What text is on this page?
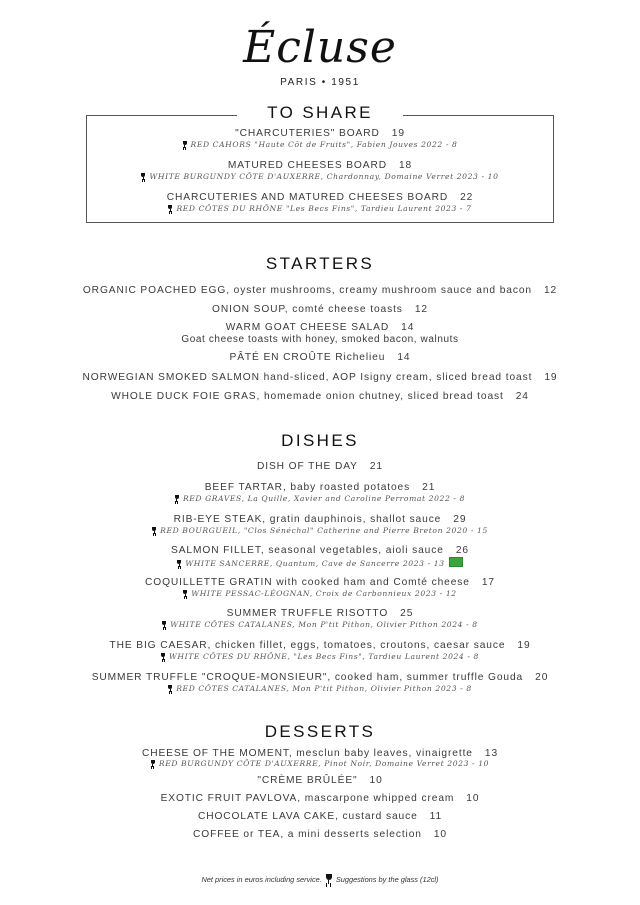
Écluse
PARIS • 1951
TO SHARE
"CHARCUTERIES" BOARD 19
RED CAHORS "Haute Côt de Fruits", Fabien Jouves 2022 - 8
MATURED CHEESES BOARD 18
WHITE BURGUNDY CÔTE D'AUXERRE, Chardonnay, Domaine Verret 2023 - 10
CHARCUTERIES AND MATURED CHEESES BOARD 22
RED CÔTES DU RHÔNE "Les Becs Fins", Tardieu Laurent 2023 - 7
STARTERS
ORGANIC POACHED EGG, oyster mushrooms, creamy mushroom sauce and bacon 12
ONION SOUP, comté cheese toasts 12
WARM GOAT CHEESE SALAD 14
Goat cheese toasts with honey, smoked bacon, walnuts
PÂTÉ EN CROÛTE Richelieu 14
NORWEGIAN SMOKED SALMON hand-sliced, AOP Isigny cream, sliced bread toast 19
WHOLE DUCK FOIE GRAS, homemade onion chutney, sliced bread toast 24
DISHES
DISH OF THE DAY 21
BEEF TARTAR, baby roasted potatoes 21
RED GRAVES, La Quille, Xavier and Caroline Perromat 2022 - 8
RIB-EYE STEAK, gratin dauphinois, shallot sauce 29
RED BOURGUEIL, "Clos Sénéchal" Catherine and Pierre Breton 2020 - 15
SALMON FILLET, seasonal vegetables, aioli sauce 26
WHITE SANCERRE, Quantum, Cave de Sancerre 2023 - 13
COQUILLETTE GRATIN with cooked ham and Comté cheese 17
WHITE PESSAC-LÉOGNAN, Croix de Carbonnieux 2023 - 12
SUMMER TRUFFLE RISOTTO 25
WHITE CÔTES CATALANES, Mon P'tit Pithon, Olivier Pithon 2024 - 8
THE BIG CAESAR, chicken fillet, eggs, tomatoes, croutons, caesar sauce 19
WHITE CÔTES DU RHÔNE, "Les Becs Fins", Tardieu Laurent 2024 - 8
SUMMER TRUFFLE "CROQUE-MONSIEUR", cooked ham, summer truffle Gouda 20
RED CÔTES CATALANES, Mon P'tit Pithon, Olivier Pithon 2023 - 8
DESSERTS
CHEESE OF THE MOMENT, mesclun baby leaves, vinaigrette 13
RED BURGUNDY CÔTE D'AUXERRE, Pinot Noir, Domaine Verret 2023 - 10
"CRÈME BRÛLÉE" 10
EXOTIC FRUIT PAVLOVA, mascarpone whipped cream 10
CHOCOLATE LAVA CAKE, custard sauce 11
COFFEE or TEA, a mini desserts selection 10
Net prices in euros including service. Suggestions by the glass (12cl)
